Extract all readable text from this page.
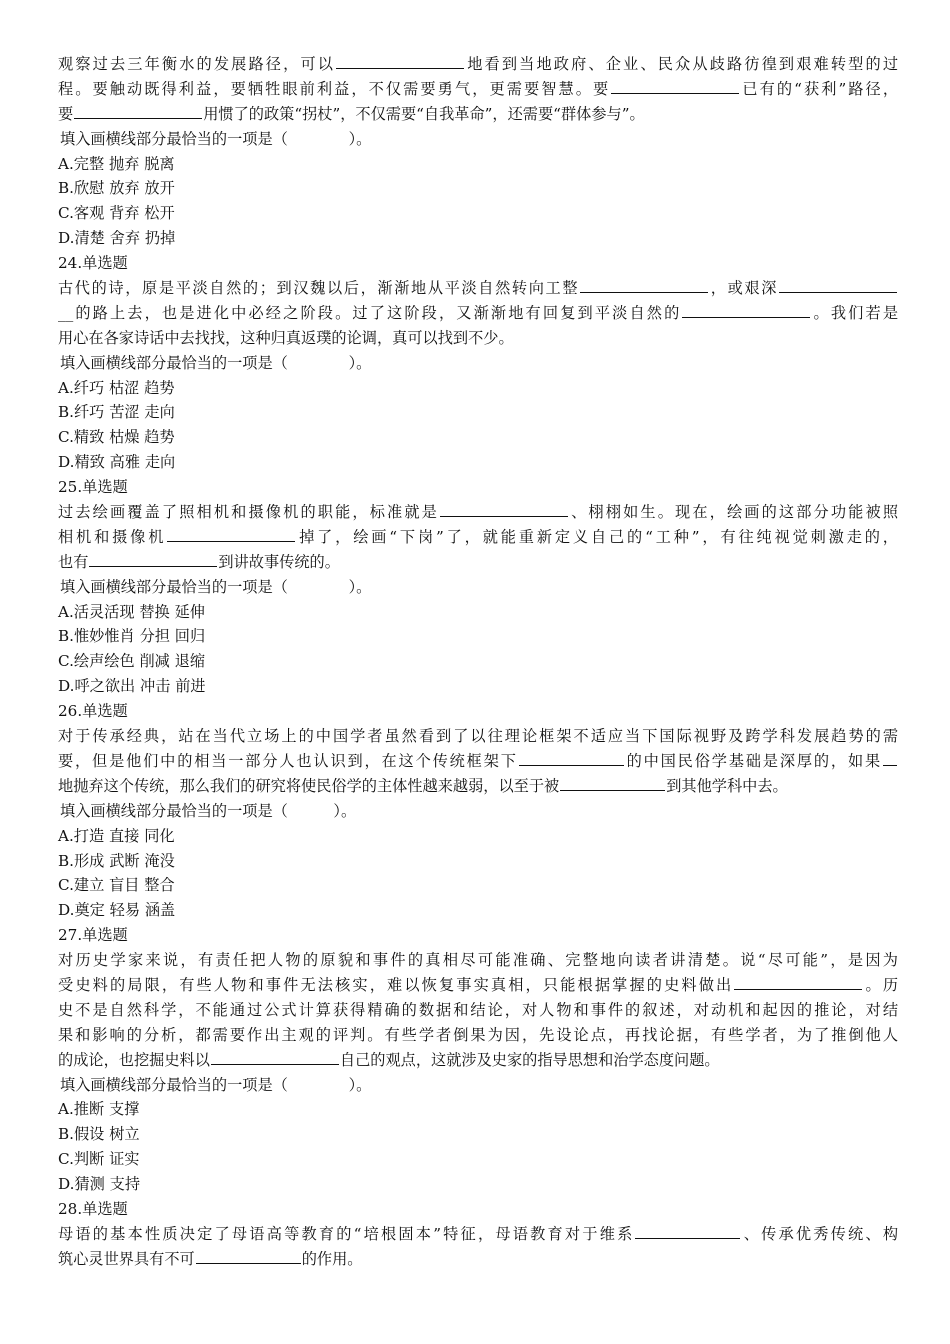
观察过去三年衡水的发展路径，可以	地看到当地政府、企业、民众从歧路彷徨到艰难转型的过
程。要触动既得利益，要牺牲眼前利益，不仅需要勇气，更需要智慧。要	已有的“获利”路径，
要	用惯了的政策“拐杖”，不仅需要“自我革命”，还需要“群体参与”。
填入画横线部分最恰当的一项是（　　　　）。
A.完整 抛弃 脱离
B.欣慰 放弃 放开
C.客观 背弃 松开
D.清楚 舍弃 扔掉
24.单选题
古代的诗，原是平淡自然的；到汉魏以后，渐渐地从平淡自然转向工整	，或艰深
__的路上去，也是进化中必经之阶段。过了这阶段，又渐渐地有回复到平淡自然的	。我们若是
用心在各家诗话中去找找，这种归真返璞的论调，真可以找到不少。
填入画横线部分最恰当的一项是（　　　　）。
A.纤巧 枯涩 趋势
B.纤巧 苦涩 走向
C.精致 枯燥 趋势
D.精致 高雅 走向
25.单选题
过去绘画覆盖了照相机和摄像机的职能，标准就是	、栩栩如生。现在，绘画的这部分功能被照
相机和摄像机	掉了，绘画“下岗”了，就能重新定义自己的“工种”，有往纯视觉刺激走的，
也有	到讲故事传统的。
填入画横线部分最恰当的一项是（　　　　）。
A.活灵活现 替换 延伸
B.惟妙惟肖 分担 回归
C.绘声绘色 削减 退缩
D.呼之欲出 冲击 前进
26.单选题
对于传承经典，站在当代立场上的中国学者虽然看到了以往理论框架不适应当下国际视野及跨学科发展趋势的需
要，但是他们中的相当一部分人也认识到，在这个传统框架下	的中国民俗学基础是深厚的，如果
地抛弃这个传统，那么我们的研究将使民俗学的主体性越来越弱，以至于被	到其他学科中去。
填入画横线部分最恰当的一项是（　　　）。
A.打造 直接 同化
B.形成 武断 淹没
C.建立 盲目 整合
D.奠定 轻易 涵盖
27.单选题
对历史学家来说，有责任把人物的原貌和事件的真相尽可能准确、完整地向读者讲清楚。说“尽可能”，是因为
受史料的局限，有些人物和事件无法核实，难以恢复事实真相，只能根据掌握的史料做出	。历
史不是自然科学，不能通过公式计算获得精确的数据和结论，对人物和事件的叙述，对动机和起因的推论，对结
果和影响的分析，都需要作出主观的评判。有些学者倒果为因，先设论点，再找论据，有些学者，为了推倒他人
的成论，也挖掘史料以	自己的观点，这就涉及史家的指导思想和治学态度问题。
填入画横线部分最恰当的一项是（　　　　）。
A.推断 支撑
B.假设 树立
C.判断 证实
D.猜测 支持
28.单选题
母语的基本性质决定了母语高等教育的“培根固本”特征，母语教育对于维系	、传承优秀传统、构
筑心灵世界具有不可	的作用。
